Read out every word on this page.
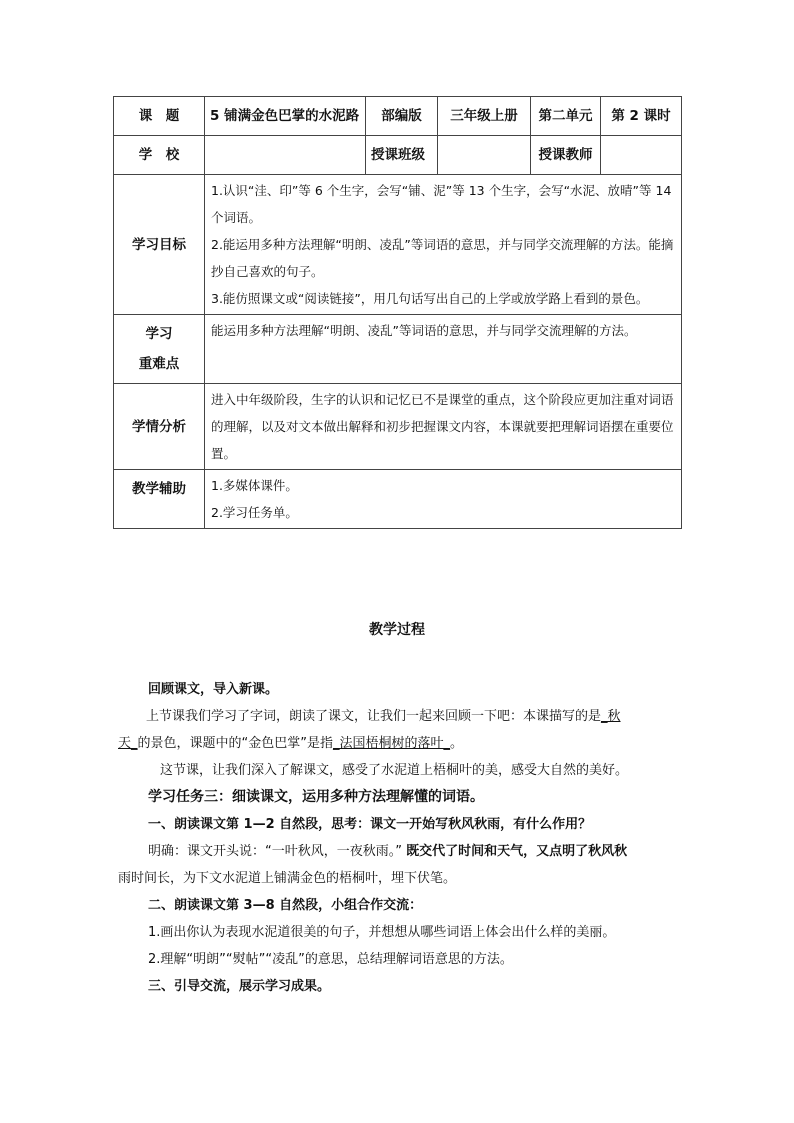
课　题	5 铺满金色巴掌的水泥路	部编版	三年级上册	第二单元	第 2 课时
学　校		授课班级		授课教师	
学习目标	1.认识“洼、印”等 6 个生字，会写“铺、泥”等 13 个生字，会写“水泥、放晴”等 14 个词语。

2.能运用多种方法理解“明朗、凌乱”等词语的意思，并与同学交流理解的方法。能摘抄自己喜欢的句子。

3.能仿照课文或“阅读链接”，用几句话写出自己的上学或放学路上看到的景色。				

学习
重难点	能运用多种方法理解“明朗、凌乱”等词语的意思，并与同学交流理解的方法。				
学情分析	进入中年级阶段，生字的认识和记忆已不是课堂的重点，这个阶段应更加注重对词语的理解，以及对文本做出解释和初步把握课文内容，本课就要把理解词语摆在重要位置。				
教学辅助	1.多媒体课件。

2.学习任务单。				

教学过程

回顾课文，导入新课。

上节课我们学习了字词，朗读了课文，让我们一起来回顾一下吧：本课描写的是_秋

天_的景色，课题中的“金色巴掌”是指_法国梧桐树的落叶_。

这节课，让我们深入了解课文，感受了水泥道上梧桐叶的美，感受大自然的美好。

学习任务三：细读课文，运用多种方法理解懂的词语。

一、朗读课文第 1—2 自然段，思考：课文一开始写秋风秋雨，有什么作用？

明确：课文开头说：“一叶秋风，一夜秋雨。” 既交代了时间和天气，又点明了秋风秋

雨时间长，为下文水泥道上铺满金色的梧桐叶，埋下伏笔。

二、朗读课文第 3—8 自然段，小组合作交流：

1.画出你认为表现水泥道很美的句子，并想想从哪些词语上体会出什么样的美丽。

2.理解“明朗”“熨帖”“凌乱”的意思，总结理解词语意思的方法。

三、引导交流，展示学习成果。
